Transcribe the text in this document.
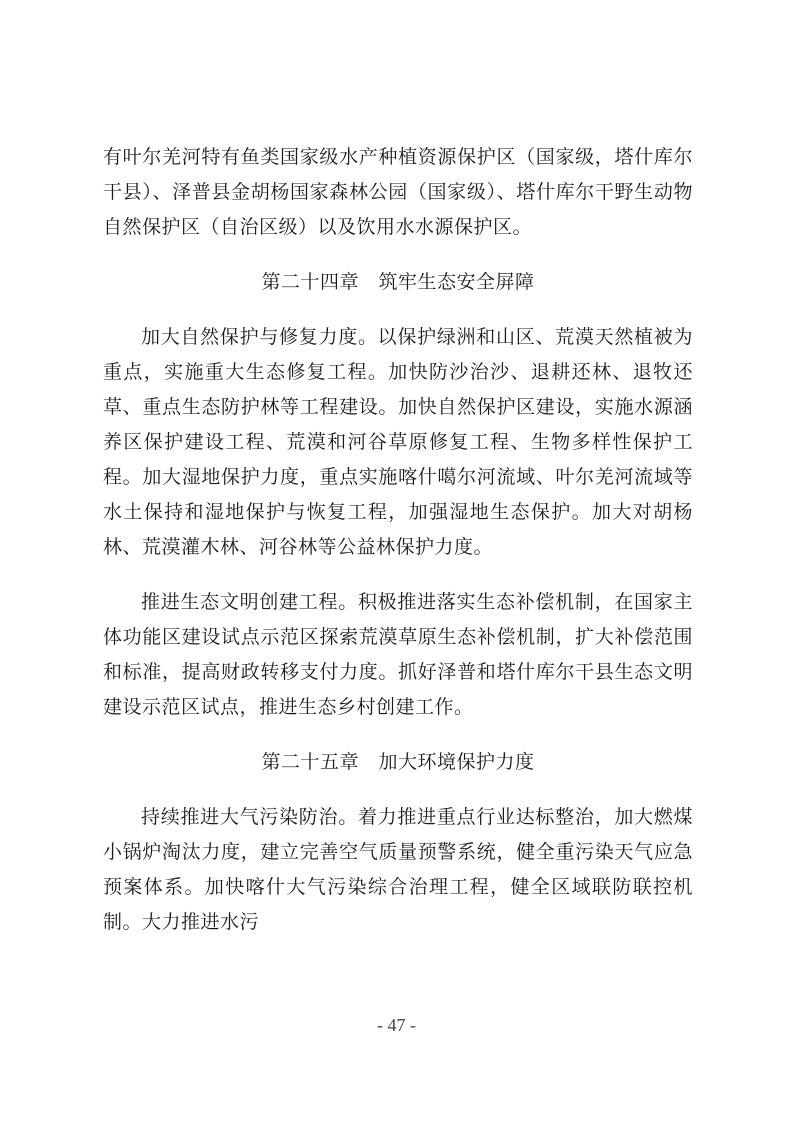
有叶尔羌河特有鱼类国家级水产种植资源保护区（国家级，塔什库尔干县）、泽普县金胡杨国家森林公园（国家级）、塔什库尔干野生动物自然保护区（自治区级）以及饮用水水源保护区。

第二十四章　筑牢生态安全屏障

加大自然保护与修复力度。以保护绿洲和山区、荒漠天然植被为重点，实施重大生态修复工程。加快防沙治沙、退耕还林、退牧还草、重点生态防护林等工程建设。加快自然保护区建设，实施水源涵养区保护建设工程、荒漠和河谷草原修复工程、生物多样性保护工程。加大湿地保护力度，重点实施喀什噶尔河流域、叶尔羌河流域等水土保持和湿地保护与恢复工程，加强湿地生态保护。加大对胡杨林、荒漠灌木林、河谷林等公益林保护力度。

推进生态文明创建工程。积极推进落实生态补偿机制，在国家主体功能区建设试点示范区探索荒漠草原生态补偿机制，扩大补偿范围和标准，提高财政转移支付力度。抓好泽普和塔什库尔干县生态文明建设示范区试点，推进生态乡村创建工作。

第二十五章　加大环境保护力度

持续推进大气污染防治。着力推进重点行业达标整治，加大燃煤小锅炉淘汰力度，建立完善空气质量预警系统，健全重污染天气应急预案体系。加快喀什大气污染综合治理工程，健全区域联防联控机制。大力推进水污

- 47 -
